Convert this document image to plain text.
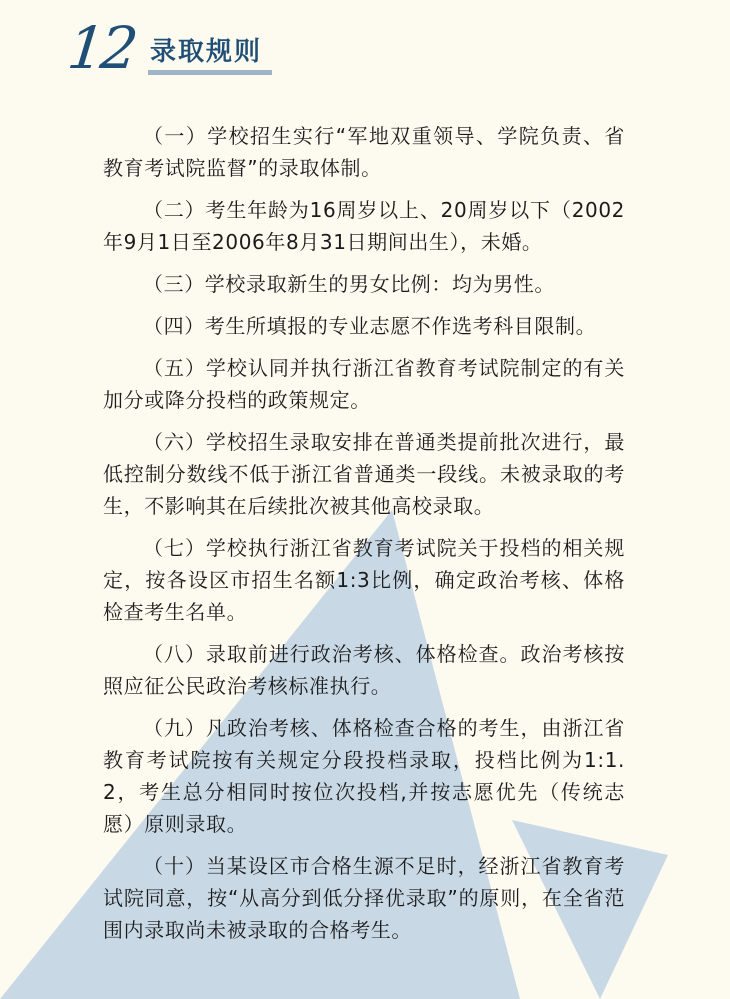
12 录取规则

（一）学校招生实行“军地双重领导、学院负责、省教育考试院监督”的录取体制。

（二）考生年龄为16周岁以上、20周岁以下（2002年9月1日至2006年8月31日期间出生），未婚。

（三）学校录取新生的男女比例：均为男性。

（四）考生所填报的专业志愿不作选考科目限制。

（五）学校认同并执行浙江省教育考试院制定的有关加分或降分投档的政策规定。

（六）学校招生录取安排在普通类提前批次进行，最低控制分数线不低于浙江省普通类一段线。未被录取的考生，不影响其在后续批次被其他高校录取。

（七）学校执行浙江省教育考试院关于投档的相关规定，按各设区市招生名额1:3比例，确定政治考核、体格检查考生名单。

（八）录取前进行政治考核、体格检查。政治考核按照应征公民政治考核标准执行。

（九）凡政治考核、体格检查合格的考生，由浙江省教育考试院按有关规定分段投档录取，投档比例为1:1.2，考生总分相同时按位次投档,并按志愿优先（传统志愿）原则录取。

（十）当某设区市合格生源不足时，经浙江省教育考试院同意，按“从高分到低分择优录取”的原则，在全省范围内录取尚未被录取的合格考生。
